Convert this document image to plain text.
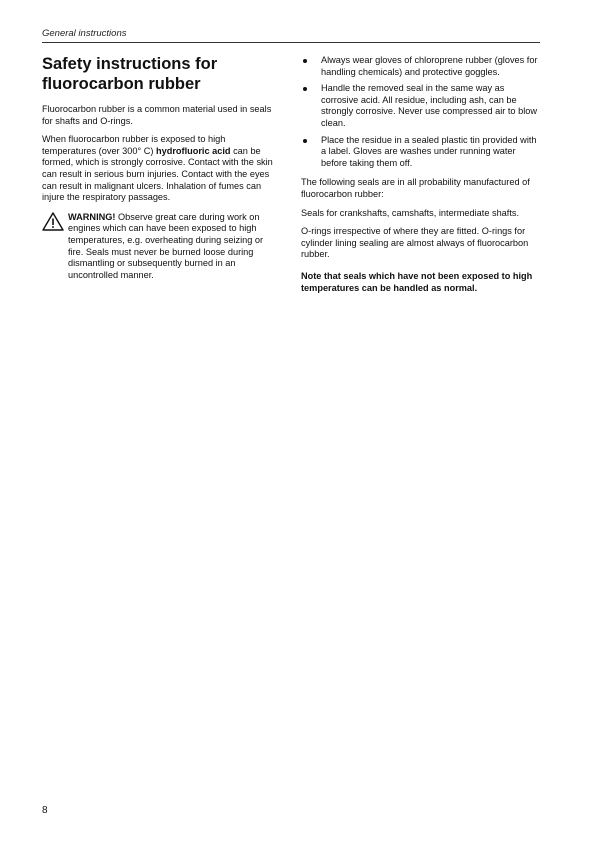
General instructions
Safety instructions for
fluorocarbon rubber

Fluorocarbon rubber is a common material used in seals for shafts and O-rings.

When fluorocarbon rubber is exposed to high temperatures (over 300° C) hydrofluoric acid can be formed, which is strongly corrosive. Contact with the skin can result in serious burn injuries. Contact with the eyes can result in malignant ulcers. Inhalation of fumes can injure the respiratory passages.

WARNING! Observe great care during work on engines which can have been exposed to high temperatures, e.g. overheating during seizing or fire. Seals must never be burned loose during dismantling or subsequently burned in an uncontrolled manner.

Always wear gloves of chloroprene rubber (gloves for handling chemicals) and protective goggles.
Handle the removed seal in the same way as corrosive acid. All residue, including ash, can be strongly corrosive. Never use compressed air to blow clean.
Place the residue in a sealed plastic tin provided with a label. Gloves are washes under running water before taking them off.

The following seals are in all probability manufactured of fluorocarbon rubber:

Seals for crankshafts, camshafts, intermediate shafts.

O-rings irrespective of where they are fitted. O-rings for cylinder lining sealing are almost always of fluorocarbon rubber.

Note that seals which have not been exposed to high temperatures can be handled as normal.

8
